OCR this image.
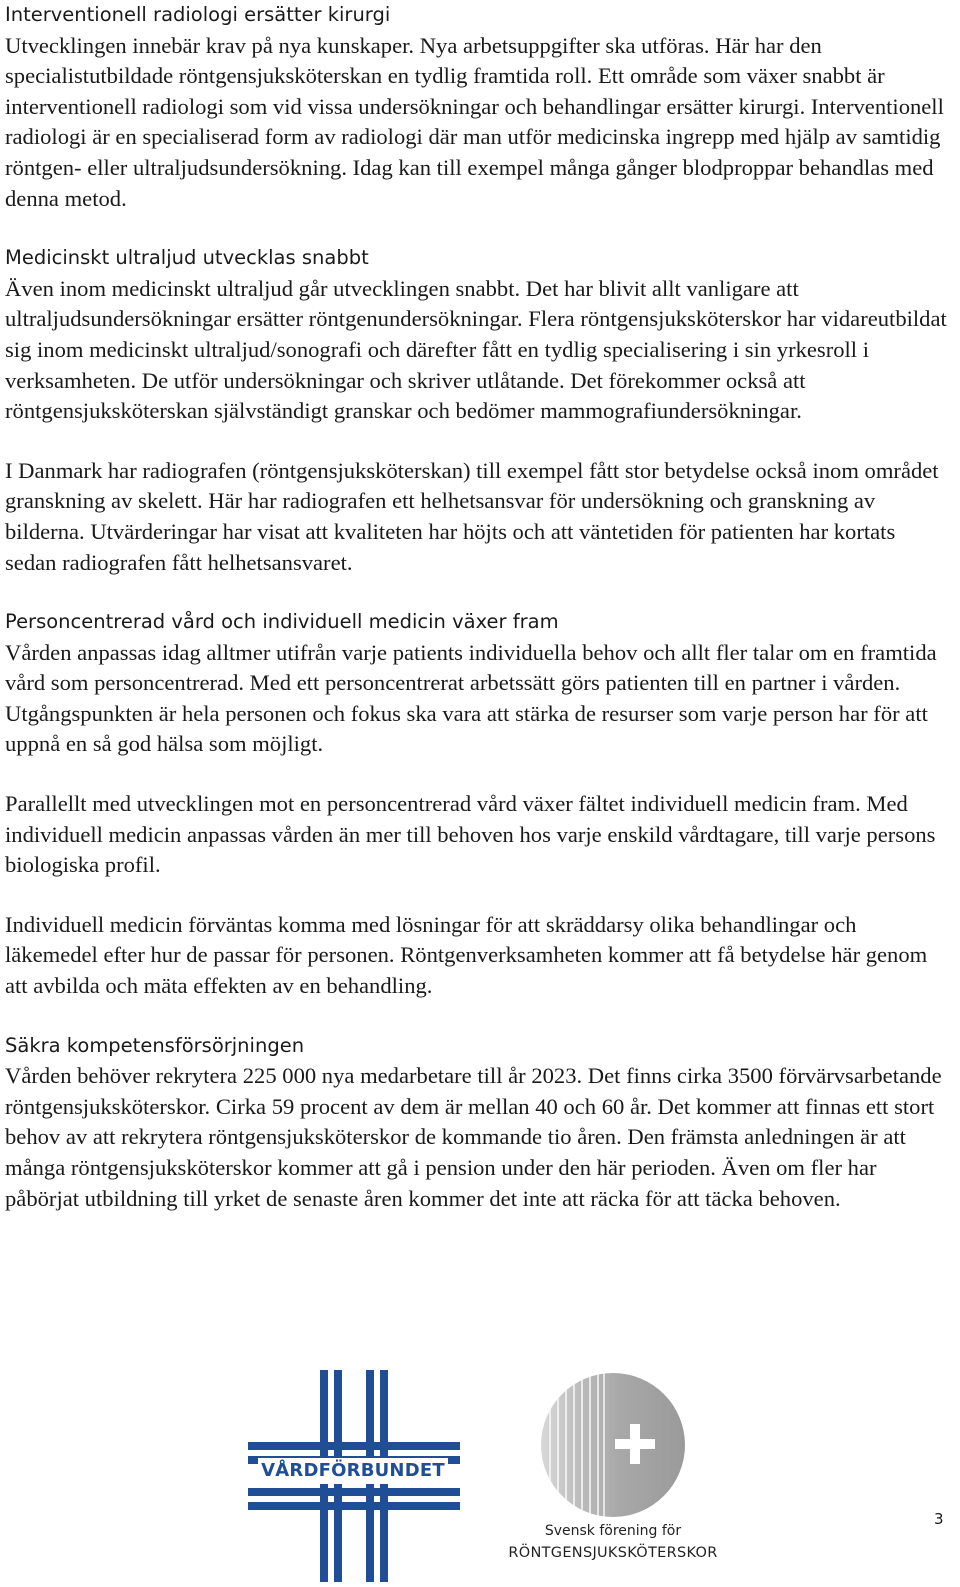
Interventionell radiologi ersätter kirurgi

Utvecklingen innebär krav på nya kunskaper. Nya arbetsuppgifter ska utföras. Här har den specialistutbildade röntgensjuksköterskan en tydlig framtida roll. Ett område som växer snabbt är interventionell radiologi som vid vissa undersökningar och behandlingar ersätter kirurgi. Interventionell radiologi är en specialiserad form av radiologi där man utför medicinska ingrepp med hjälp av samtidig röntgen- eller ultraljudsundersökning. Idag kan till exempel många gånger blodproppar behandlas med denna metod.

Medicinskt ultraljud utvecklas snabbt

Även inom medicinskt ultraljud går utvecklingen snabbt. Det har blivit allt vanligare att ultraljudsundersökningar ersätter röntgenundersökningar. Flera röntgensjuksköterskor har vidareutbildat sig inom medicinskt ultraljud/sonografi och därefter fått en tydlig specialisering i sin yrkesroll i verksamheten. De utför undersökningar och skriver utlåtande. Det förekommer också att röntgensjuksköterskan självständigt granskar och bedömer mammografiundersökningar.

I Danmark har radiografen (röntgensjuksköterskan) till exempel fått stor betydelse också inom området granskning av skelett. Här har radiografen ett helhetsansvar för undersökning och granskning av bilderna. Utvärderingar har visat att kvaliteten har höjts och att väntetiden för patienten har kortats sedan radiografen fått helhetsansvaret.

Personcentrerad vård och individuell medicin växer fram

Vården anpassas idag alltmer utifrån varje patients individuella behov och allt fler talar om en framtida vård som personcentrerad. Med ett personcentrerat arbetssätt görs patienten till en partner i vården. Utgångspunkten är hela personen och fokus ska vara att stärka de resurser som varje person har för att uppnå en så god hälsa som möjligt.

Parallellt med utvecklingen mot en personcentrerad vård växer fältet individuell medicin fram. Med individuell medicin anpassas vården än mer till behoven hos varje enskild vårdtagare, till varje persons biologiska profil.

Individuell medicin förväntas komma med lösningar för att skräddarsy olika behandlingar och läkemedel efter hur de passar för personen. Röntgenverksamheten kommer att få betydelse här genom att avbilda och mäta effekten av en behandling.

Säkra kompetensförsörjningen

Vården behöver rekrytera 225 000 nya medarbetare till år 2023. Det finns cirka 3500 förvärvsarbetande röntgensjuksköterskor. Cirka 59 procent av dem är mellan 40 och 60 år. Det kommer att finnas ett stort behov av att rekrytera röntgensjuksköterskor de kommande tio åren. Den främsta anledningen är att många röntgensjuksköterskor kommer att gå i pension under den här perioden. Även om fler har påbörjat utbildning till yrket de senaste åren kommer det inte att räcka för att täcka behoven.

VÅRDFÖRBUNDET
Svensk förening för
RÖNTGENSJUKSKÖTERSKOR
3
